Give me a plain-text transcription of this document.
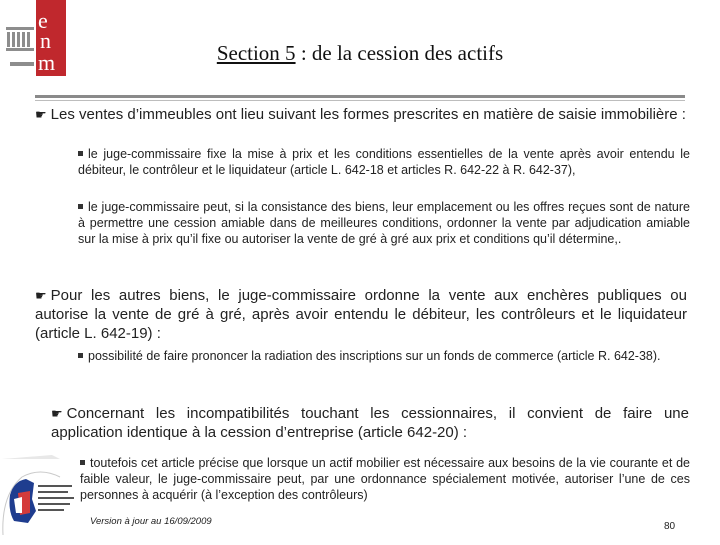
e
n
m	Section 5 : de la cession des actifs
☛ Les ventes d’immeubles ont lieu suivant les formes prescrites en matière de saisie immobilière :
le juge-commissaire fixe la mise à prix et les conditions essentielles de la vente après avoir entendu le débiteur, le contrôleur et le liquidateur (article L. 642-18 et articles R. 642-22 à R. 642-37),
le juge-commissaire peut, si la consistance des biens, leur emplacement ou les offres reçues sont de nature à permettre une cession amiable dans de meilleures conditions, ordonner la vente par adjudication amiable sur la mise à prix qu’il fixe ou autoriser la vente de gré à gré aux prix et conditions qu’il détermine,.
☛ Pour les autres biens, le juge-commissaire ordonne la vente aux enchères publiques ou autorise la vente de gré à gré, après avoir entendu le débiteur, les contrôleurs et le liquidateur (article L. 642-19) :
possibilité de faire prononcer la radiation des inscriptions sur un fonds de commerce (article R. 642-38).
☛ Concernant les incompatibilités touchant les cessionnaires, il convient de faire une application identique à la cession d’entreprise (article 642-20) :
toutefois cet article précise que lorsque un actif mobilier est nécessaire aux besoins de la vie courante et de faible valeur, le juge-commissaire peut, par une ordonnance spécialement motivée, autoriser l’une de ces personnes à acquérir (à l’exception des contrôleurs)
Version à jour au 16/09/2009	80
